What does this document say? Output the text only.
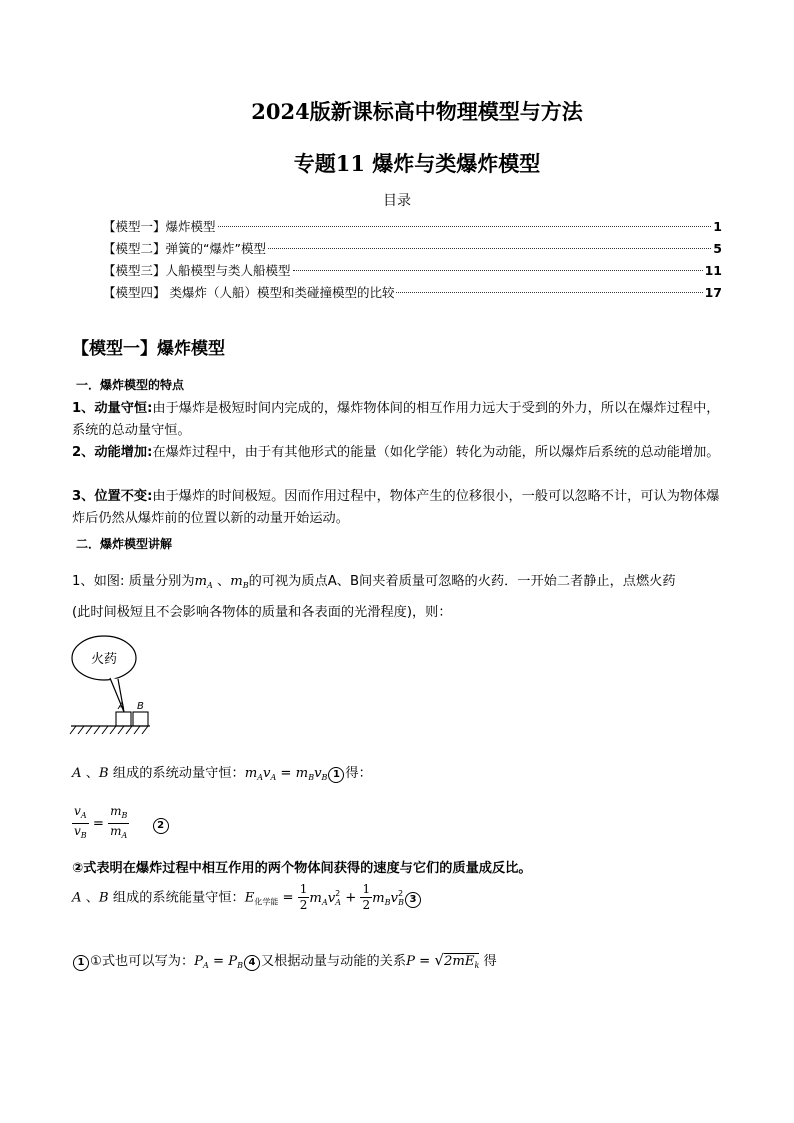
2024版新课标高中物理模型与方法
专题11 爆炸与类爆炸模型
目录
【模型一】爆炸模型	1
【模型二】弹簧的“爆炸”模型	5
【模型三】人船模型与类人船模型	11
【模型四】 类爆炸（人船）模型和类碰撞模型的比较	17
【模型一】爆炸模型
一．爆炸模型的特点
1、动量守恒:由于爆炸是极短时间内完成的，爆炸物体间的相互作用力远大于受到的外力，所以在爆炸过程中，系统的总动量守恒。
2、动能增加:在爆炸过程中，由于有其他形式的能量（如化学能）转化为动能，所以爆炸后系统的总动能增加。
3、位置不变:由于爆炸的时间极短。因而作用过程中，物体产生的位移很小，一般可以忽略不计，可认为物体爆炸后仍然从爆炸前的位置以新的动量开始运动。
二．爆炸模型讲解
1、如图: 质量分别为$m_A$ 、$m_B$的可视为质点A、B间夹着质量可忽略的火药．一开始二者静止，点燃火药
(此时间极短且不会影响各物体的质量和各表面的光滑程度)，则：
火药
A B
A 、B 组成的系统动量守恒：$m_Av_A = m_Bv_B$ 1 得：
$\frac{v_A}{v_B} = \frac{m_B}{m_A}$	2
②式表明在爆炸过程中相互作用的两个物体间获得的速度与它们的质量成反比。
A 、B 组成的系统能量守恒：$E_{化学能} = \frac{1}{2} m_Av^2_A + \frac{1}{2} m_Bv^2_B$ 3
1 ①式也可以写为：$P_A = P_B$ 4 又根据动量与动能的关系$P = √2mE_k$ 得
